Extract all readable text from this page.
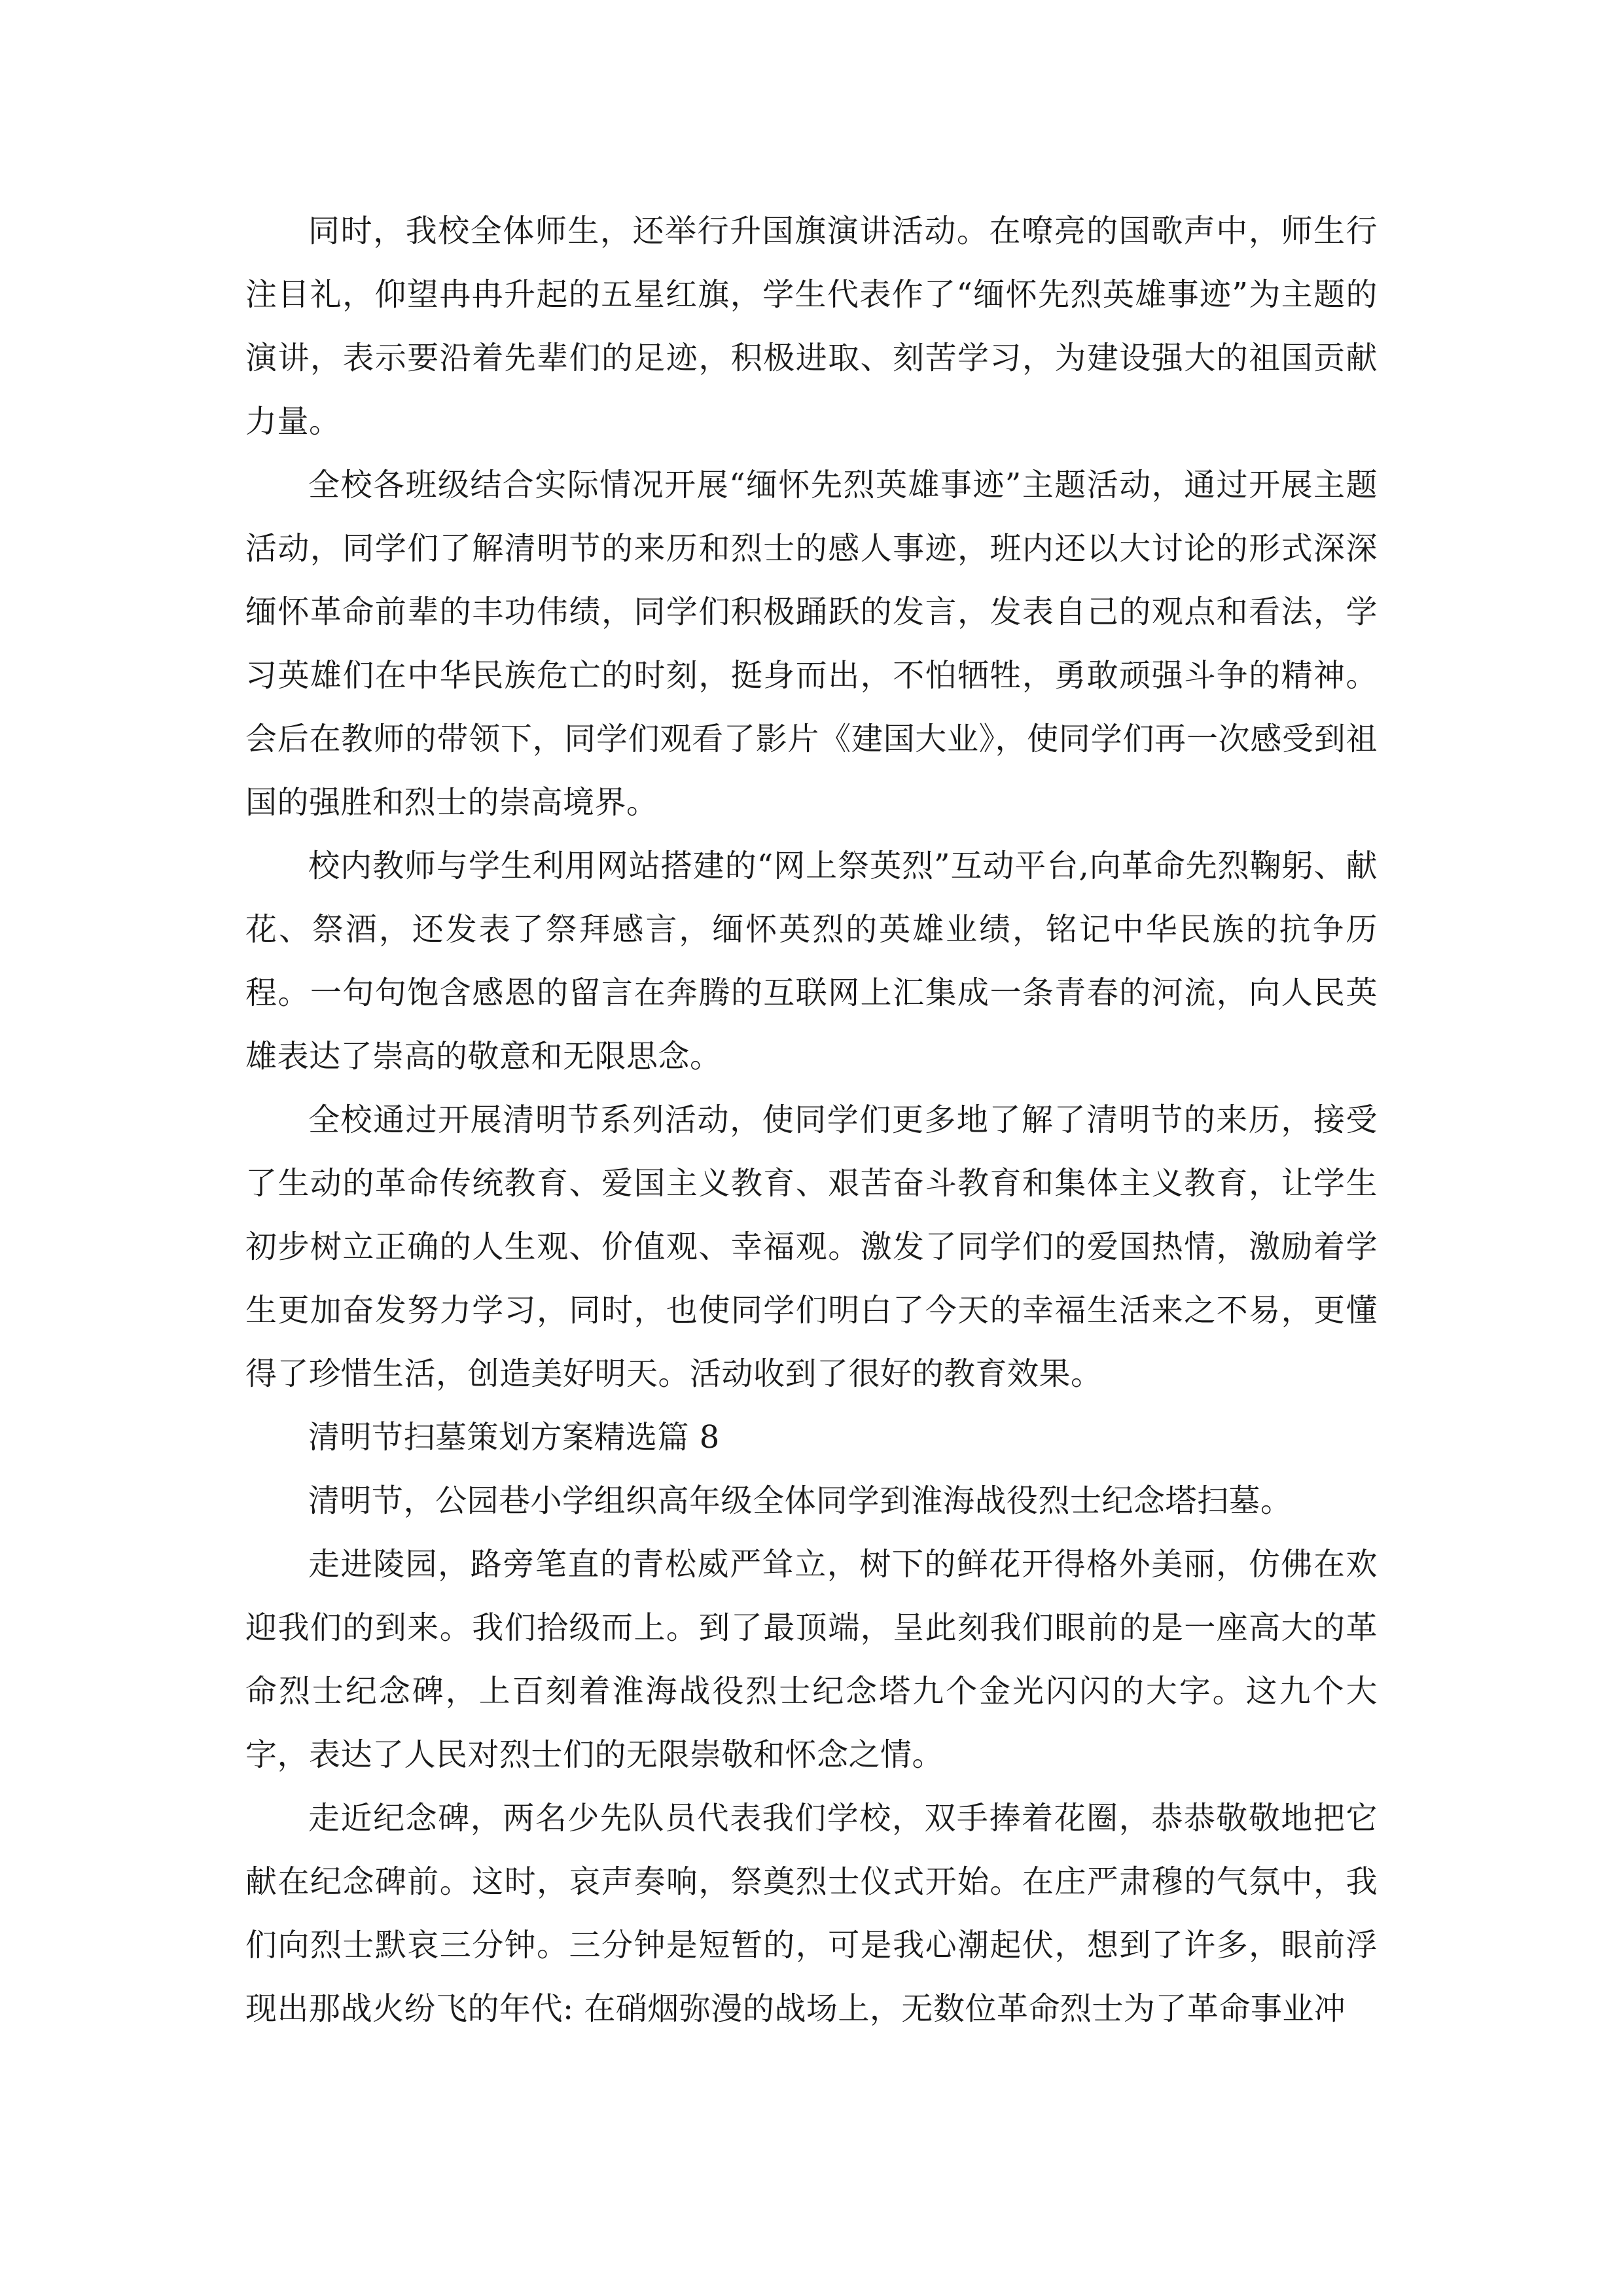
同时，我校全体师生，还举行升国旗演讲活动。在嘹亮的国歌声中，师生行注目礼，仰望冉冉升起的五星红旗，学生代表作了“缅怀先烈英雄事迹”为主题的演讲，表示要沿着先辈们的足迹，积极进取、刻苦学习，为建设强大的祖国贡献力量。

全校各班级结合实际情况开展“缅怀先烈英雄事迹”主题活动，通过开展主题活动，同学们了解清明节的来历和烈士的感人事迹，班内还以大讨论的形式深深缅怀革命前辈的丰功伟绩，同学们积极踊跃的发言，发表自己的观点和看法，学习英雄们在中华民族危亡的时刻，挺身而出，不怕牺牲，勇敢顽强斗争的精神。会后在教师的带领下，同学们观看了影片《建国大业》，使同学们再一次感受到祖国的强胜和烈士的崇高境界。

校内教师与学生利用网站搭建的“网上祭英烈”互动平台,向革命先烈鞠躬、献花、祭酒，还发表了祭拜感言，缅怀英烈的英雄业绩，铭记中华民族的抗争历程。一句句饱含感恩的留言在奔腾的互联网上汇集成一条青春的河流，向人民英雄表达了崇高的敬意和无限思念。

全校通过开展清明节系列活动，使同学们更多地了解了清明节的来历，接受了生动的革命传统教育、爱国主义教育、艰苦奋斗教育和集体主义教育，让学生初步树立正确的人生观、价值观、幸福观。激发了同学们的爱国热情，激励着学生更加奋发努力学习，同时，也使同学们明白了今天的幸福生活来之不易，更懂得了珍惜生活，创造美好明天。活动收到了很好的教育效果。

清明节扫墓策划方案精选篇 8

清明节，公园巷小学组织高年级全体同学到淮海战役烈士纪念塔扫墓。

走进陵园，路旁笔直的青松威严耸立，树下的鲜花开得格外美丽，仿佛在欢迎我们的到来。我们拾级而上。到了最顶端，呈此刻我们眼前的是一座高大的革命烈士纪念碑，上百刻着淮海战役烈士纪念塔九个金光闪闪的大字。这九个大字，表达了人民对烈士们的无限崇敬和怀念之情。

走近纪念碑，两名少先队员代表我们学校，双手捧着花圈，恭恭敬敬地把它献在纪念碑前。这时，哀声奏响，祭奠烈士仪式开始。在庄严肃穆的气氛中，我们向烈士默哀三分钟。三分钟是短暂的，可是我心潮起伏，想到了许多，眼前浮现出那战火纷飞的年代: 在硝烟弥漫的战场上，无数位革命烈士为了革命事业冲
